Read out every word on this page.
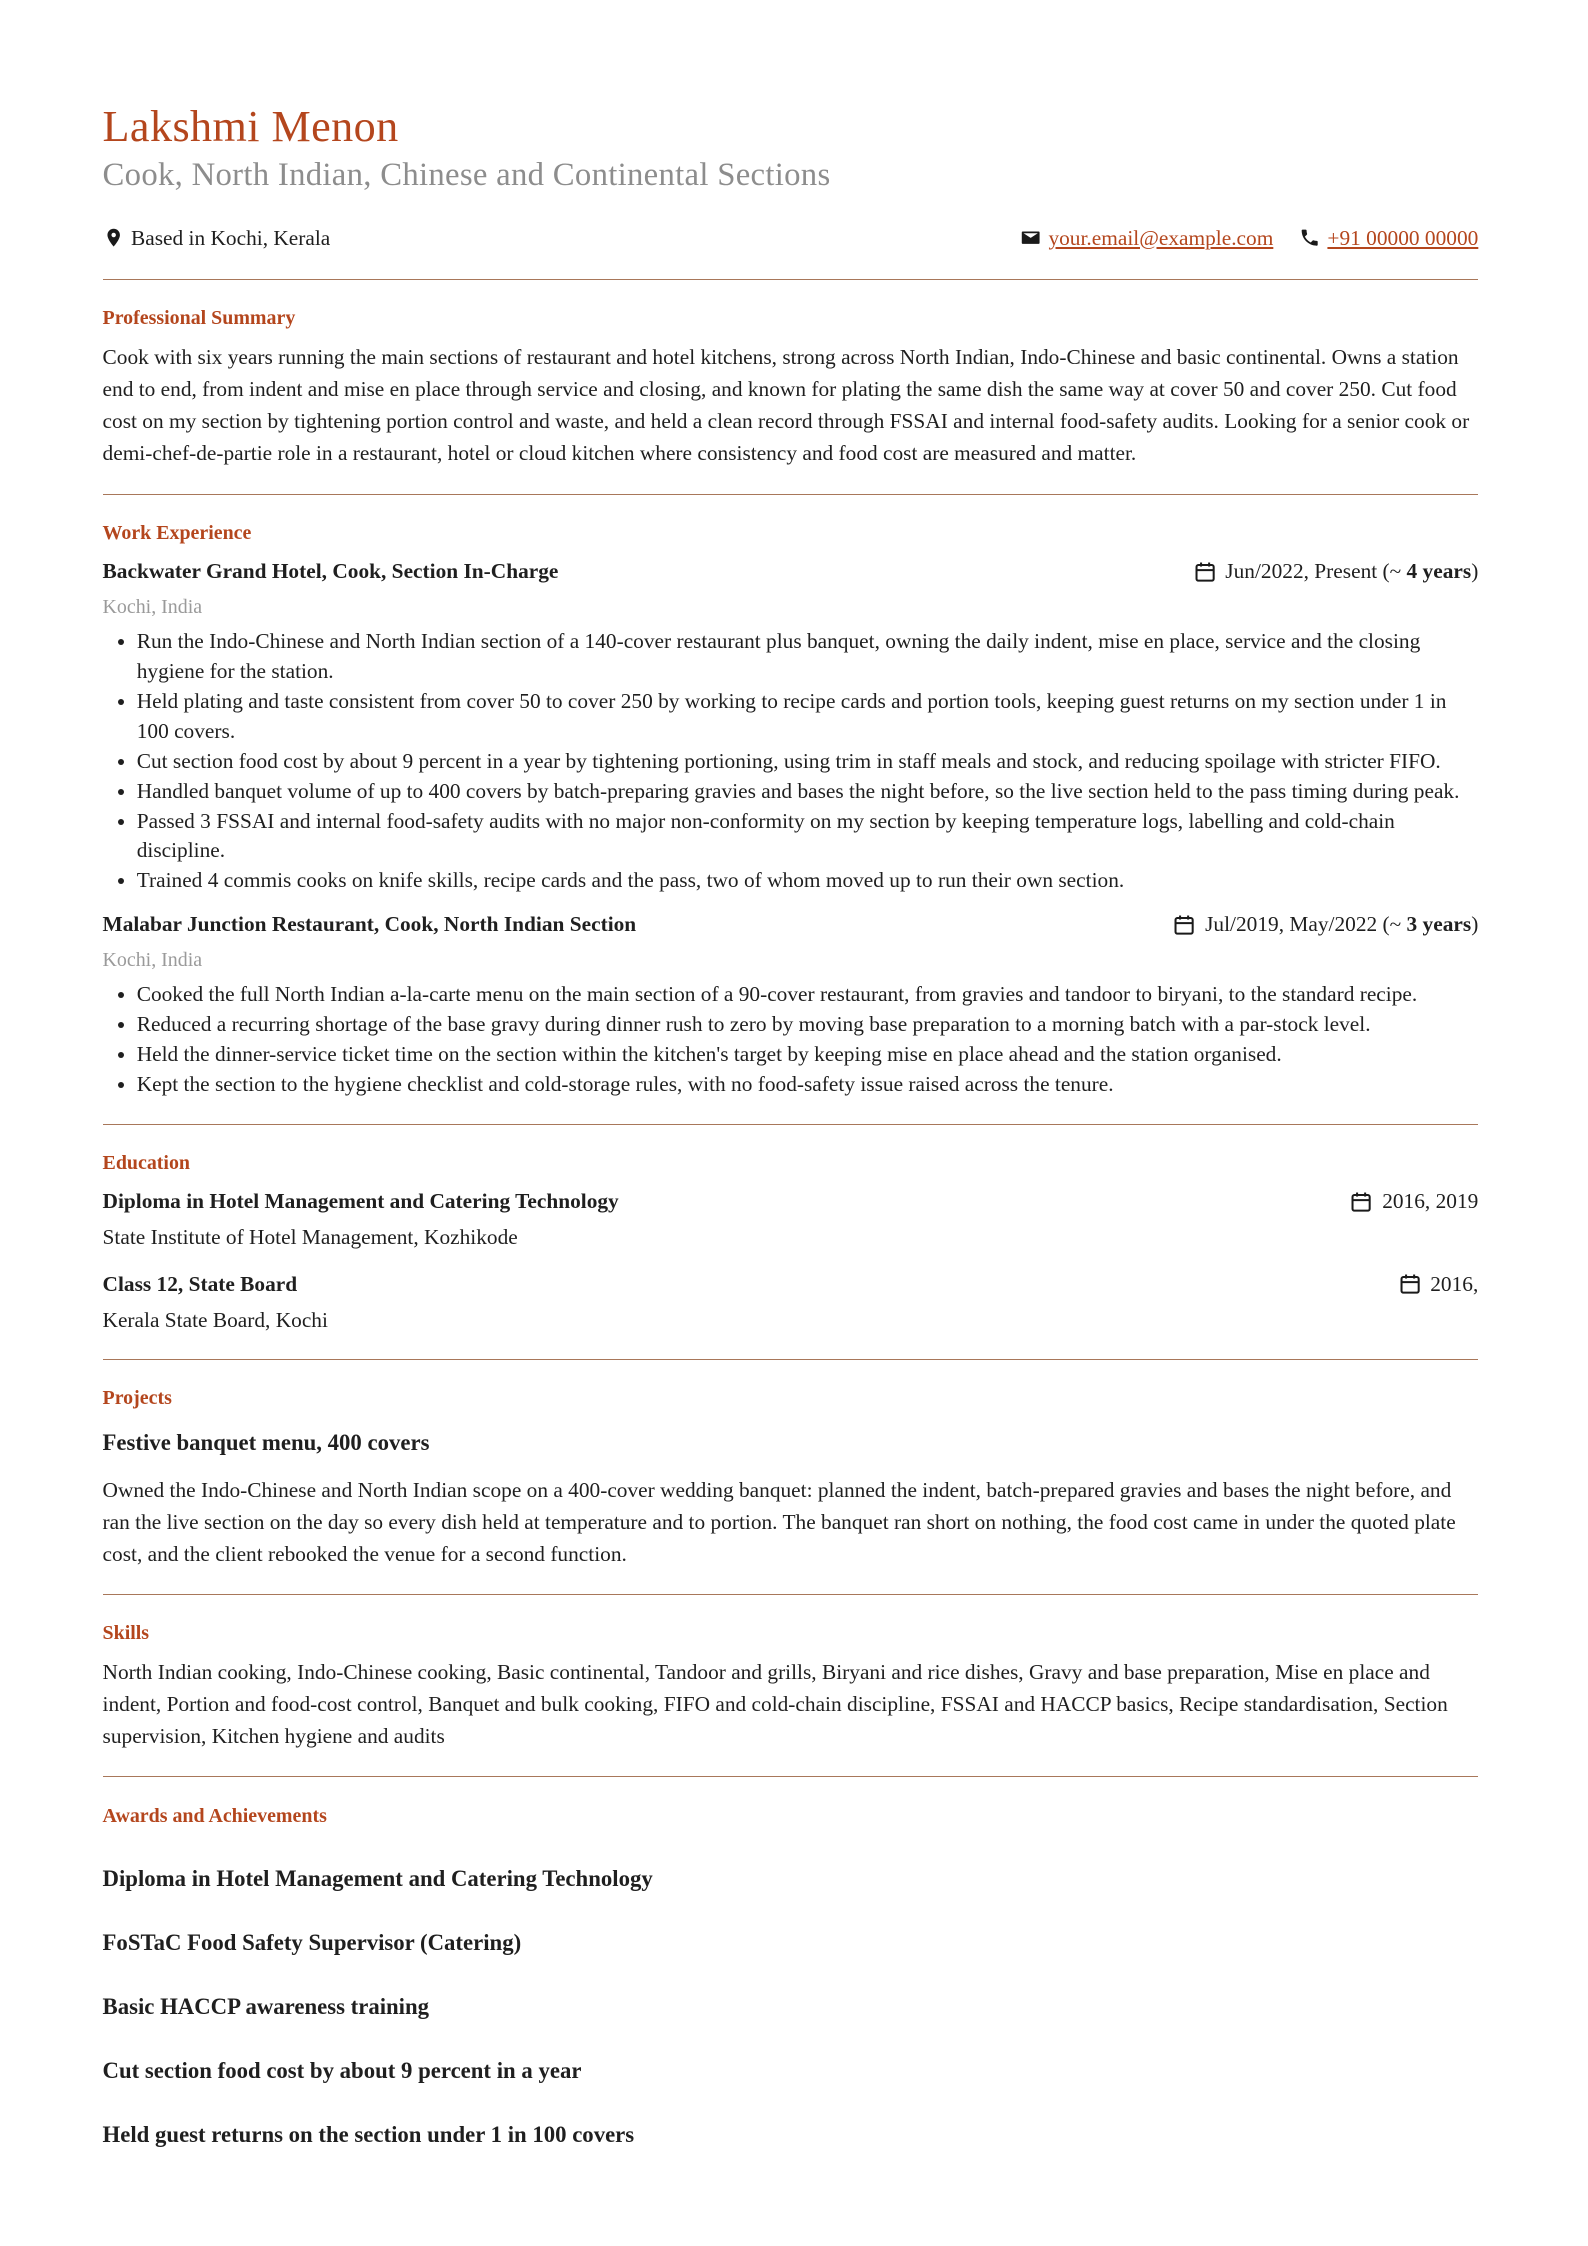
Lakshmi Menon
Cook, North Indian, Chinese and Continental Sections
Based in Kochi, Kerala	your.email@example.com	+91 00000 00000
Professional Summary

Cook with six years running the main sections of restaurant and hotel kitchens, strong across North Indian, Indo-Chinese and basic continental. Owns a station end to end, from indent and mise en place through service and closing, and known for plating the same dish the same way at cover 50 and cover 250. Cut food cost on my section by tightening portion control and waste, and held a clean record through FSSAI and internal food-safety audits. Looking for a senior cook or demi-chef-de-partie role in a restaurant, hotel or cloud kitchen where consistency and food cost are measured and matter.

Work Experience
Backwater Grand Hotel, Cook, Section In-Charge	Jun/2022, Present (~ 4 years)
Kochi, India
• Run the Indo-Chinese and North Indian section of a 140-cover restaurant plus banquet, owning the daily indent, mise en place, service and the closing hygiene for the station.
• Held plating and taste consistent from cover 50 to cover 250 by working to recipe cards and portion tools, keeping guest returns on my section under 1 in 100 covers.
• Cut section food cost by about 9 percent in a year by tightening portioning, using trim in staff meals and stock, and reducing spoilage with stricter FIFO.
• Handled banquet volume of up to 400 covers by batch-preparing gravies and bases the night before, so the live section held to the pass timing during peak.
• Passed 3 FSSAI and internal food-safety audits with no major non-conformity on my section by keeping temperature logs, labelling and cold-chain discipline.
• Trained 4 commis cooks on knife skills, recipe cards and the pass, two of whom moved up to run their own section.
Malabar Junction Restaurant, Cook, North Indian Section	Jul/2019, May/2022 (~ 3 years)
Kochi, India
• Cooked the full North Indian a-la-carte menu on the main section of a 90-cover restaurant, from gravies and tandoor to biryani, to the standard recipe.
• Reduced a recurring shortage of the base gravy during dinner rush to zero by moving base preparation to a morning batch with a par-stock level.
• Held the dinner-service ticket time on the section within the kitchen's target by keeping mise en place ahead and the station organised.
• Kept the section to the hygiene checklist and cold-storage rules, with no food-safety issue raised across the tenure.
Education
Diploma in Hotel Management and Catering Technology	2016, 2019
State Institute of Hotel Management, Kozhikode
Class 12, State Board	2016,
Kerala State Board, Kochi
Projects
Festive banquet menu, 400 covers

Owned the Indo-Chinese and North Indian scope on a 400-cover wedding banquet: planned the indent, batch-prepared gravies and bases the night before, and ran the live section on the day so every dish held at temperature and to portion. The banquet ran short on nothing, the food cost came in under the quoted plate cost, and the client rebooked the venue for a second function.

Skills

North Indian cooking, Indo-Chinese cooking, Basic continental, Tandoor and grills, Biryani and rice dishes, Gravy and base preparation, Mise en place and indent, Portion and food-cost control, Banquet and bulk cooking, FIFO and cold-chain discipline, FSSAI and HACCP basics, Recipe standardisation, Section supervision, Kitchen hygiene and audits

Awards and Achievements
Diploma in Hotel Management and Catering Technology
FoSTaC Food Safety Supervisor (Catering)
Basic HACCP awareness training
Cut section food cost by about 9 percent in a year
Held guest returns on the section under 1 in 100 covers
